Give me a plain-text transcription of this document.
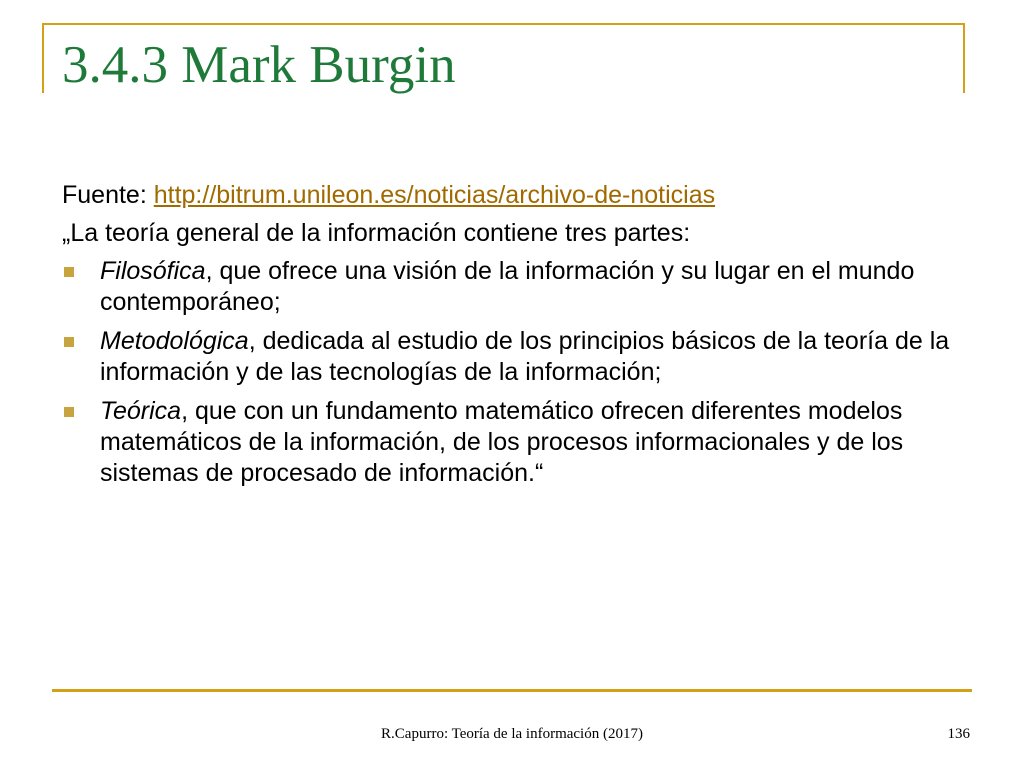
3.4.3 Mark Burgin

Fuente: http://bitrum.unileon.es/noticias/archivo-de-noticias

„La teoría general de la información contiene tres partes:

Filosófica, que ofrece una visión de la información y su lugar en el mundo contemporáneo;
Metodológica, dedicada al estudio de los principios básicos de la teoría de la información y de las tecnologías de la información;
Teórica, que con un fundamento matemático ofrecen diferentes modelos matemáticos de la información, de los procesos informacionales y de los sistemas de procesado de información.“
R.Capurro: Teoría de la información (2017)	136
